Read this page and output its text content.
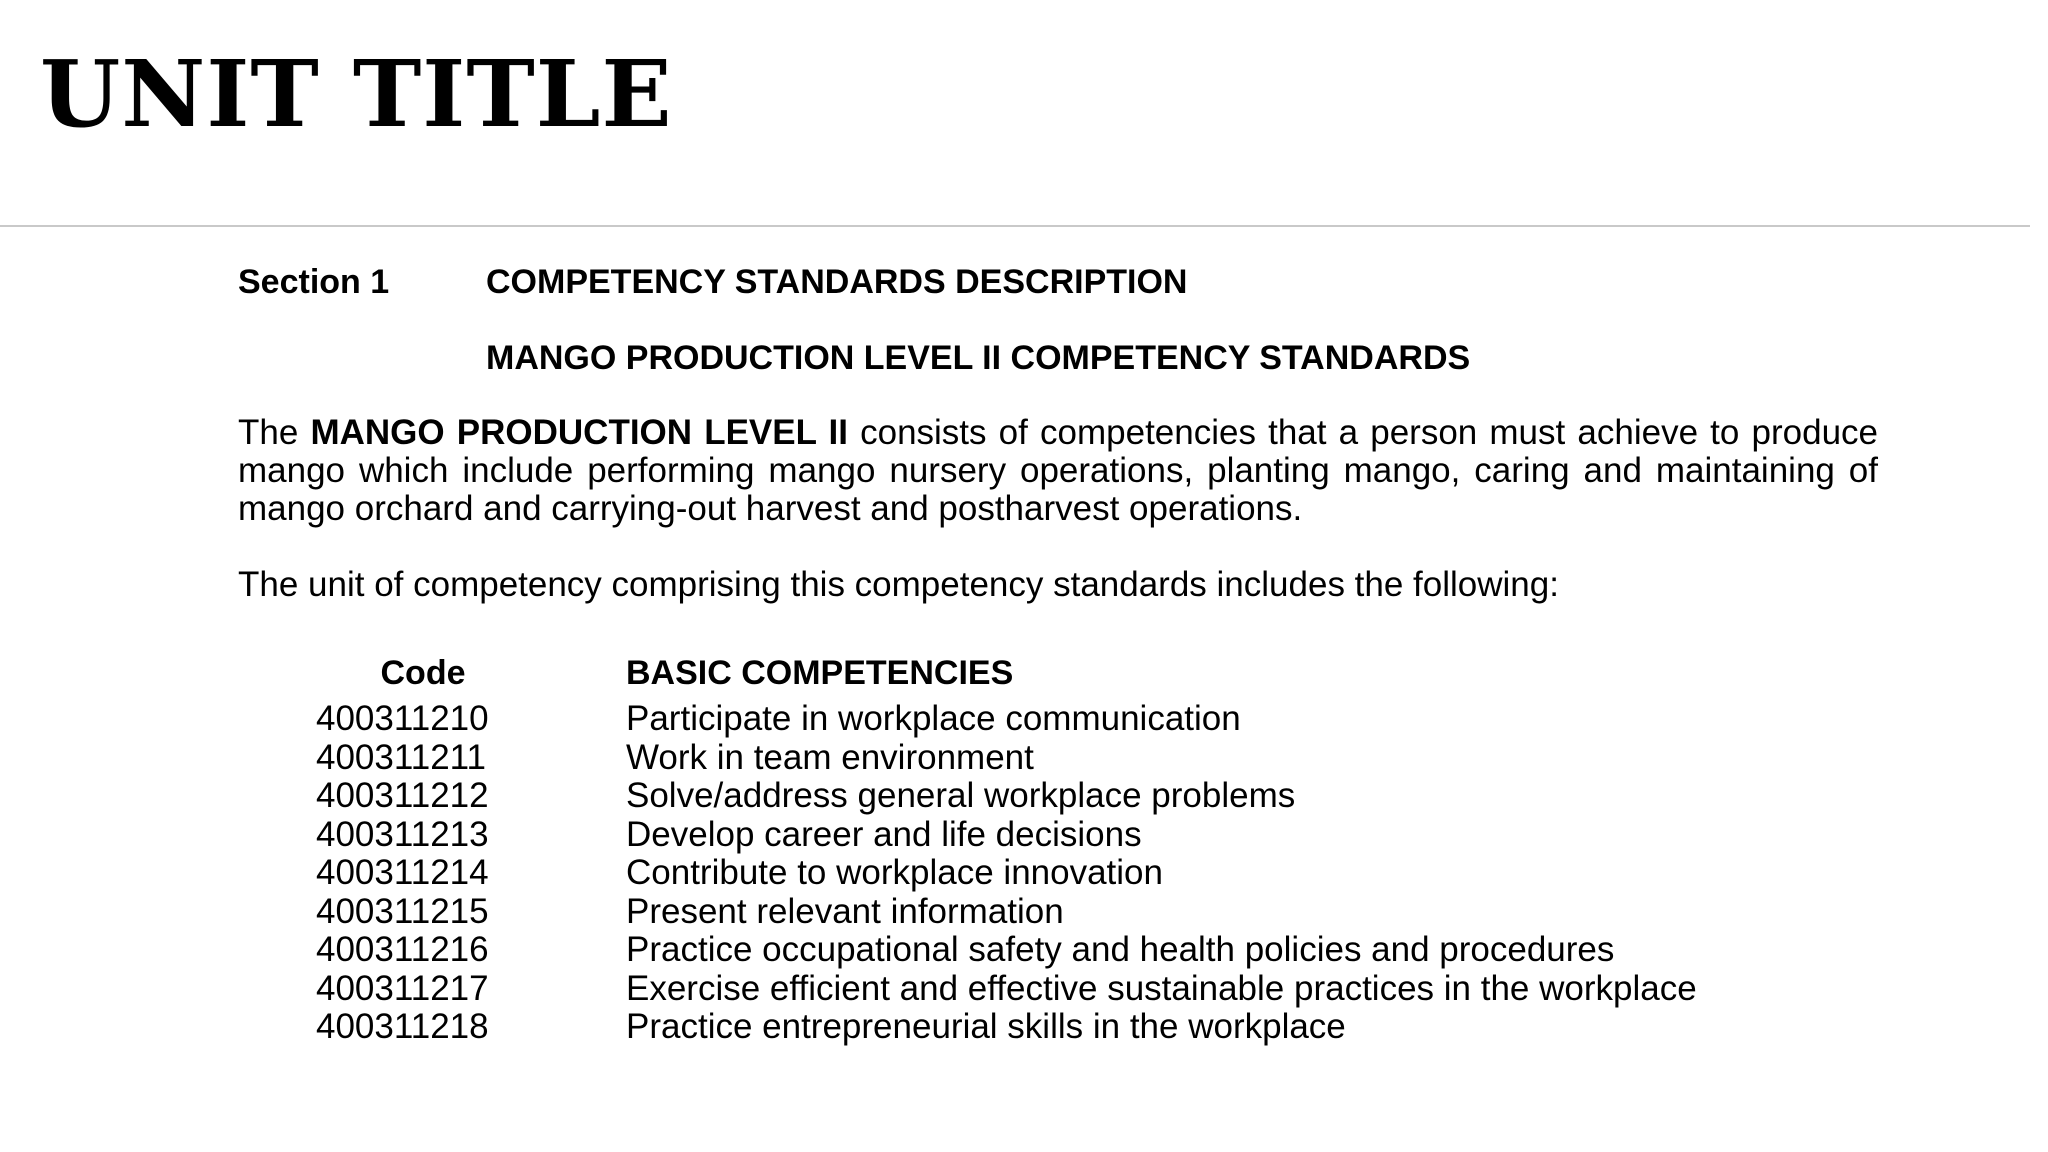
UNIT TITLE
Section 1	COMPETENCY STANDARDS DESCRIPTION
MANGO PRODUCTION LEVEL II COMPETENCY STANDARDS

The MANGO PRODUCTION LEVEL II consists of competencies that a person must achieve to produce mango which include performing mango nursery operations, planting mango, caring and maintaining of mango orchard and carrying-out harvest and postharvest operations.

The unit of competency comprising this competency standards includes the following:

Code		BASIC COMPETENCIES
400311210		Participate in workplace communication
400311211		Work in team environment
400311212		Solve/address general workplace problems
400311213		Develop career and life decisions
400311214		Contribute to workplace innovation
400311215		Present relevant information
400311216		Practice occupational safety and health policies and procedures
400311217		Exercise efficient and effective sustainable practices in the workplace
400311218		Practice entrepreneurial skills in the workplace
